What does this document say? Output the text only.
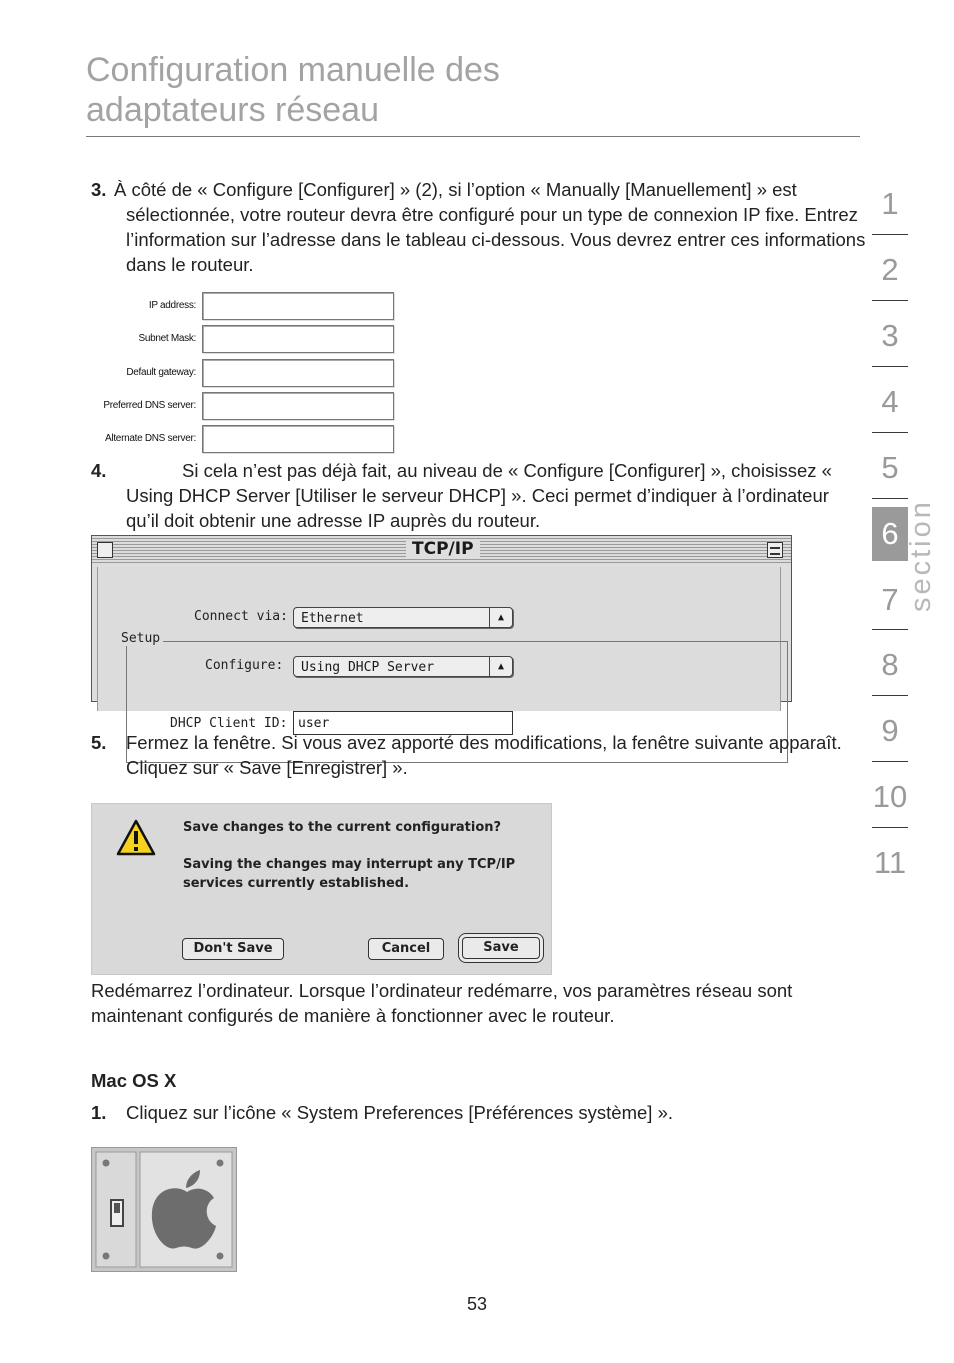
Configuration manuelle des
adaptateurs réseau
3. À côté de « Configure [Configurer] » (2), si l’option « Manually [Manuellement] » est sélectionnée, votre routeur devra être configuré pour un type de connexion IP fixe. Entrez l’information sur l’adresse dans le tableau ci-dessous. Vous devrez entrer ces informations dans le routeur.
IP address:
Subnet Mask:
Default gateway:
Preferred DNS server:
Alternate DNS server:
4.	Si cela n’est pas déjà fait, au niveau de « Configure [Configurer] », choisissez « Using DHCP Server [Utiliser le serveur DHCP] ». Ceci permet d’indiquer à l’ordinateur qu’il doit obtenir une adresse IP auprès du routeur.
TCP/IP
Setup
Connect via:	Ethernet	▲

Configure:	Using DHCP Server	▲
DHCP Client ID: user
5. Fermez la fenêtre. Si vous avez apporté des modifications, la fenêtre suivante apparaît. Cliquez sur « Save [Enregistrer] ».
Save changes to the current configuration?
Saving the changes may interrupt any TCP/IP
services currently established.
Don't Save	Cancel	Save
Redémarrez l’ordinateur. Lorsque l’ordinateur redémarre, vos paramètres réseau sont maintenant configurés de manière à fonctionner avec le routeur.
Mac OS X
1. Cliquez sur l’icône « System Preferences [Préférences système] ».
1
2
3
4
5
6
7
8
9
10
11
section
53
